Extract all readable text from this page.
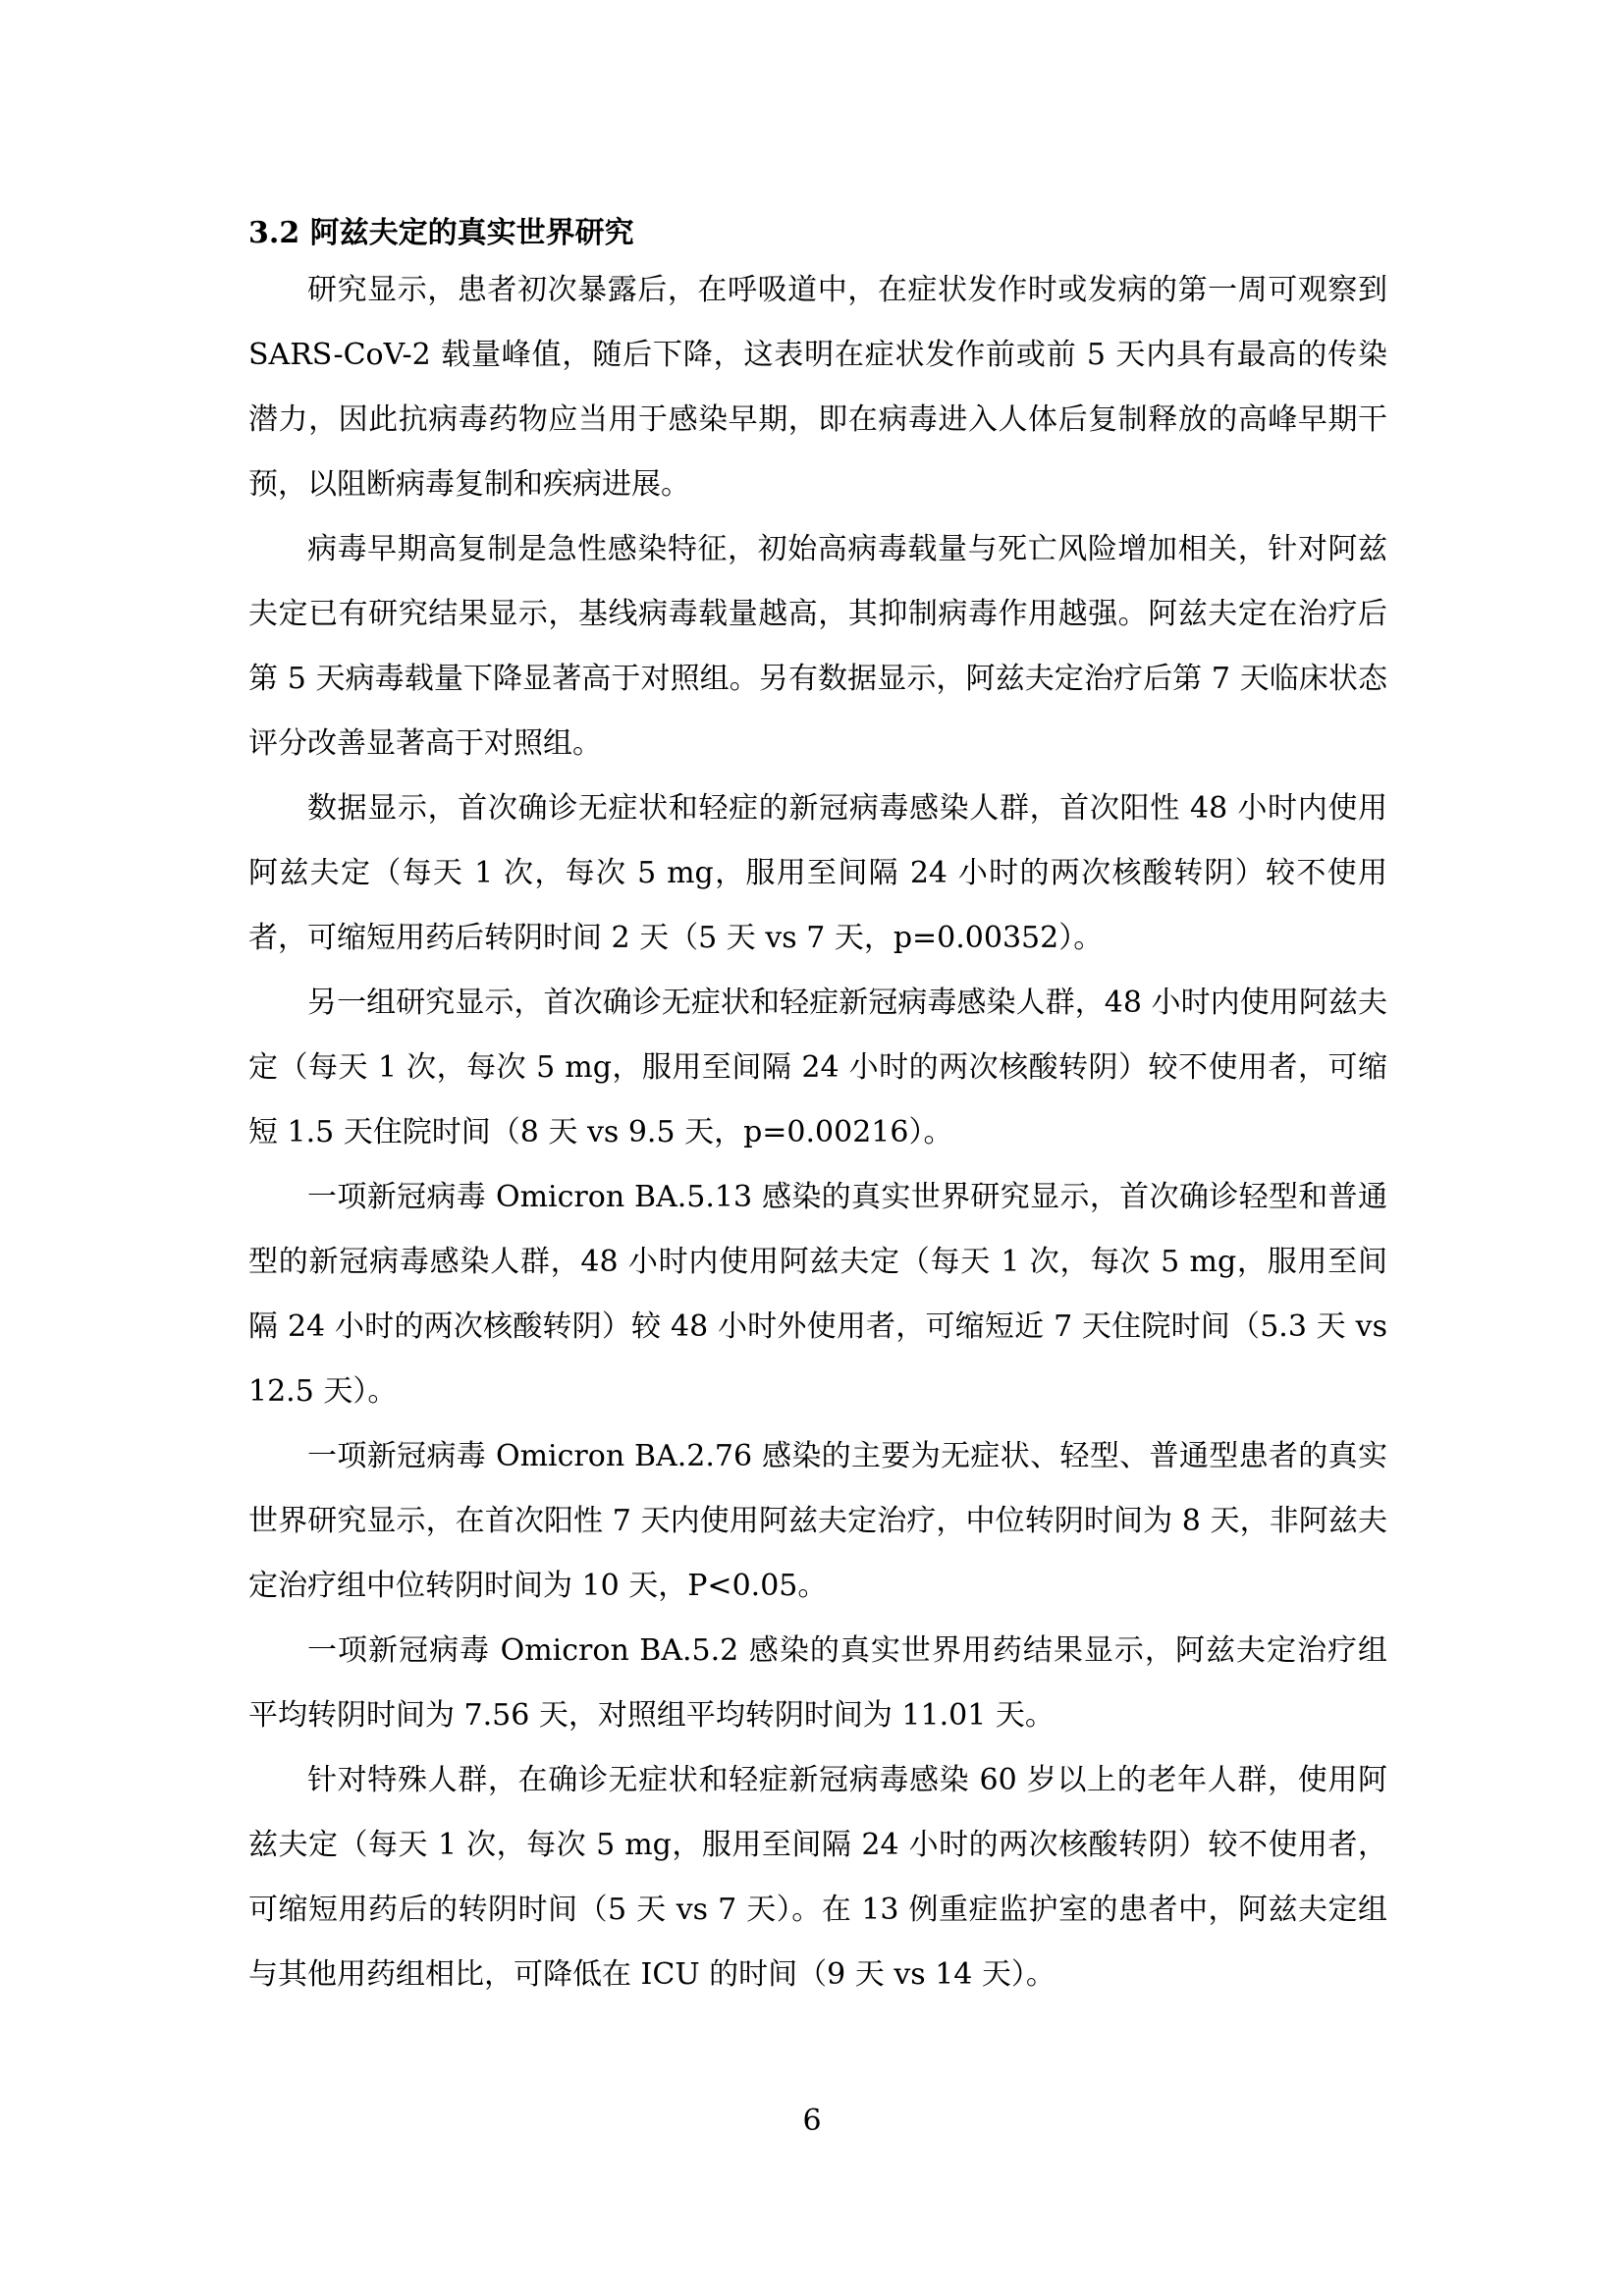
3.2 阿兹夫定的真实世界研究

研究显示，患者初次暴露后，在呼吸道中，在症状发作时或发病的第一周可观察到 SARS-CoV-2 载量峰值，随后下降，这表明在症状发作前或前 5 天内具有最高的传染潜力，因此抗病毒药物应当用于感染早期，即在病毒进入人体后复制释放的高峰早期干预，以阻断病毒复制和疾病进展。

病毒早期高复制是急性感染特征，初始高病毒载量与死亡风险增加相关，针对阿兹夫定已有研究结果显示，基线病毒载量越高，其抑制病毒作用越强。阿兹夫定在治疗后第 5 天病毒载量下降显著高于对照组。另有数据显示，阿兹夫定治疗后第 7 天临床状态评分改善显著高于对照组。

数据显示，首次确诊无症状和轻症的新冠病毒感染人群，首次阳性 48 小时内使用阿兹夫定（每天 1 次，每次 5 mg，服用至间隔 24 小时的两次核酸转阴）较不使用者，可缩短用药后转阴时间 2 天（5 天 vs 7 天，p=0.00352）。

另一组研究显示，首次确诊无症状和轻症新冠病毒感染人群，48 小时内使用阿兹夫定（每天 1 次，每次 5 mg，服用至间隔 24 小时的两次核酸转阴）较不使用者，可缩短 1.5 天住院时间（8 天 vs 9.5 天，p=0.00216）。

一项新冠病毒 Omicron BA.5.13 感染的真实世界研究显示，首次确诊轻型和普通型的新冠病毒感染人群，48 小时内使用阿兹夫定（每天 1 次，每次 5 mg，服用至间隔 24 小时的两次核酸转阴）较 48 小时外使用者，可缩短近 7 天住院时间（5.3 天 vs 12.5 天）。

一项新冠病毒 Omicron BA.2.76 感染的主要为无症状、轻型、普通型患者的真实世界研究显示，在首次阳性 7 天内使用阿兹夫定治疗，中位转阴时间为 8 天，非阿兹夫定治疗组中位转阴时间为 10 天，P<0.05。

一项新冠病毒 Omicron BA.5.2 感染的真实世界用药结果显示，阿兹夫定治疗组平均转阴时间为 7.56 天，对照组平均转阴时间为 11.01 天。

针对特殊人群，在确诊无症状和轻症新冠病毒感染 60 岁以上的老年人群，使用阿兹夫定（每天 1 次，每次 5 mg，服用至间隔 24 小时的两次核酸转阴）较不使用者，可缩短用药后的转阴时间（5 天 vs 7 天）。在 13 例重症监护室的患者中，阿兹夫定组与其他用药组相比，可降低在 ICU 的时间（9 天 vs 14 天）。

6
